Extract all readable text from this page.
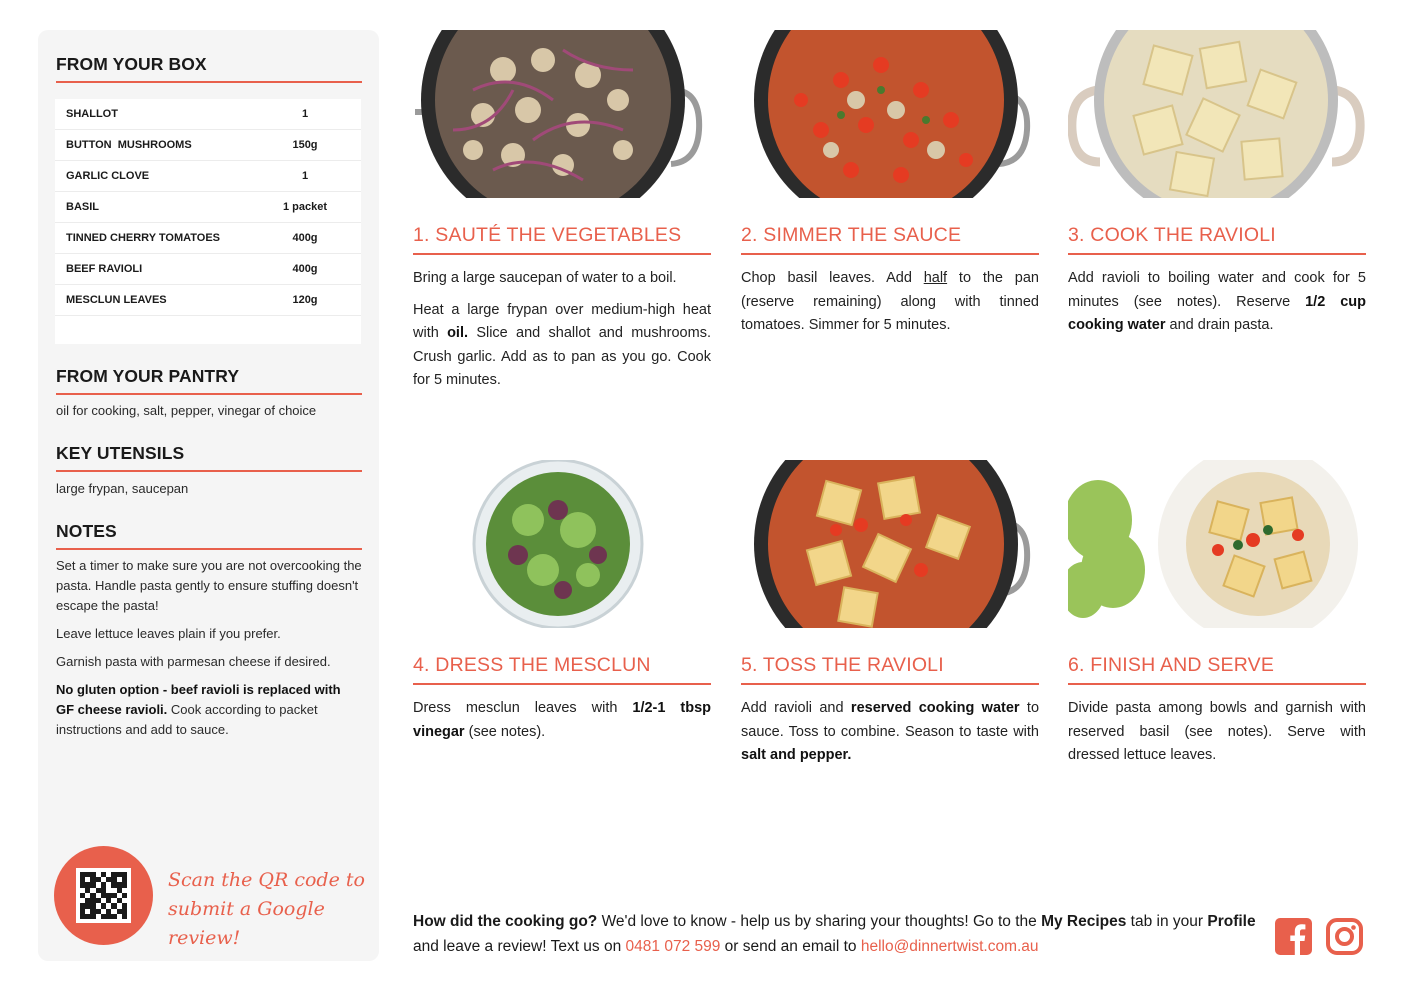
FROM YOUR BOX
SHALLOT	1
BUTTON  MUSHROOMS	150g
GARLIC CLOVE	1
BASIL	1 packet
TINNED CHERRY TOMATOES	400g
BEEF RAVIOLI	400g
MESCLUN LEAVES	120g
FROM YOUR PANTRY
oil for cooking, salt, pepper, vinegar of choice
KEY UTENSILS
large frypan, saucepan
NOTES

Set a timer to make sure you are not overcooking the pasta. Handle pasta gently to ensure stuffing doesn't escape the pasta!

Leave lettuce leaves plain if you prefer.

Garnish pasta with parmesan cheese if desired.

No gluten option - beef ravioli is replaced with GF cheese ravioli. Cook according to packet instructions and add to sauce.

Scan the QR code to
submit a Google review!
1. SAUTÉ THE VEGETABLES

Bring a large saucepan of water to a boil.

Heat a large frypan over medium-high heat with oil. Slice and shallot and mushrooms. Crush garlic. Add as to pan as you go. Cook for 5 minutes.

2. SIMMER THE SAUCE

Chop basil leaves. Add half to the pan (reserve remaining) along with tinned tomatoes. Simmer for 5 minutes.

3. COOK THE RAVIOLI

Add ravioli to boiling water and cook for 5 minutes (see notes). Reserve 1/2 cup cooking water and drain pasta.

4. DRESS THE MESCLUN

Dress mesclun leaves with 1/2-1 tbsp vinegar (see notes).

5. TOSS THE RAVIOLI

Add ravioli and reserved cooking water to sauce. Toss to combine. Season to taste with salt and pepper.

6. FINISH AND SERVE

Divide pasta among bowls and garnish with reserved basil (see notes). Serve with dressed lettuce leaves.

How did the cooking go? We'd love to know - help us by sharing your thoughts! Go to the My Recipes tab in your Profile and leave a review! Text us on 0481 072 599 or send an email to hello@dinnertwist.com.au
